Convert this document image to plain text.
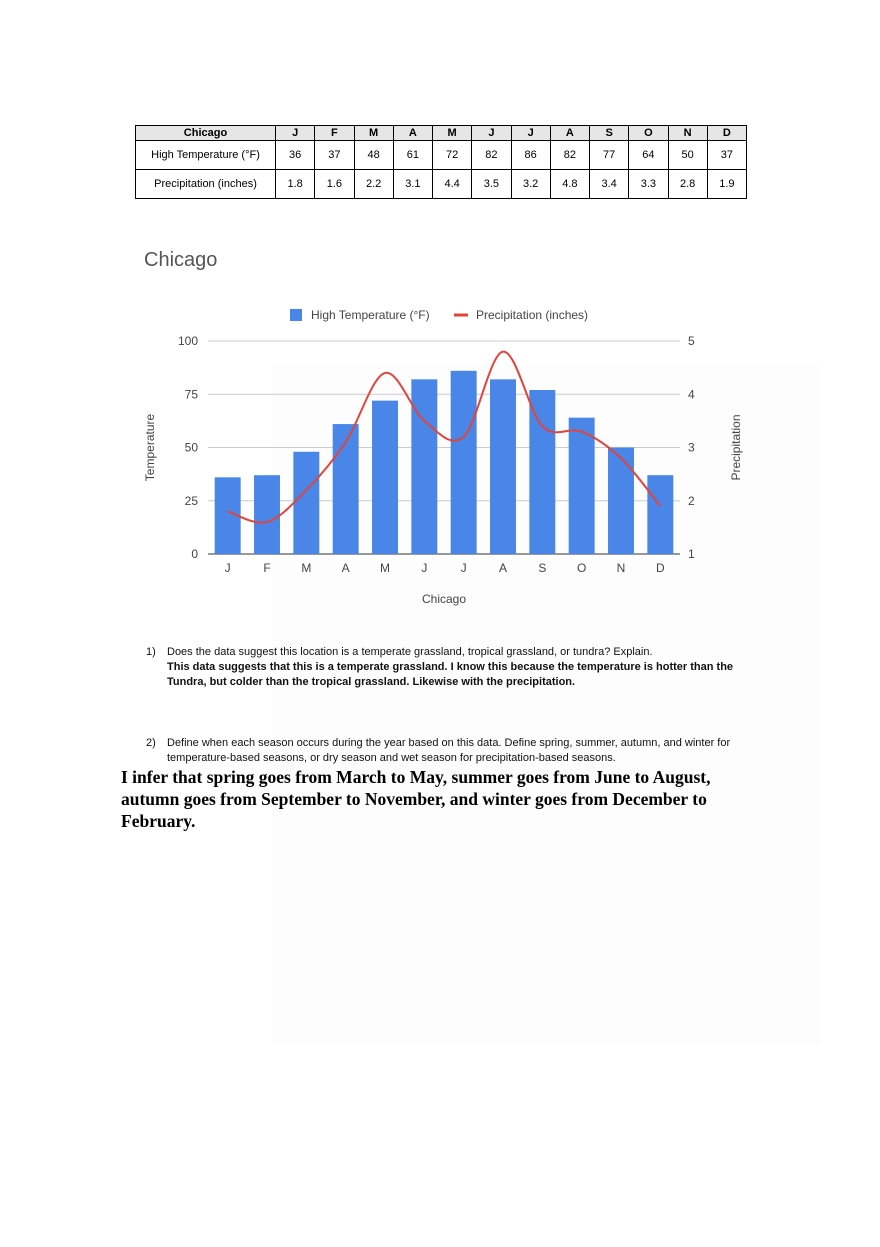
Chicago	J	F	M	A	M	J	J	A	S	O	N	D
High Temperature (°F)	36	37	48	61	72	82	86	82	77	64	50	37
Precipitation (inches)	1.8	1.6	2.2	3.1	4.4	3.5	3.2	4.8	3.4	3.3	2.8	1.9
Chicago
0
25
50
75
100
1
2
3
4
5
J	F	M	A	M	J	J	A	S	O	N	D
High Temperature (°F)	Precipitation (inches)
Chicago
Temperature	Precipitation
1) Does the data suggest this location is a temperate grassland, tropical grassland, or tundra? Explain.
This data suggests that this is a temperate grassland. I know this because the temperature is hotter than the Tundra, but colder than the tropical grassland. Likewise with the precipitation.
2) Define when each season occurs during the year based on this data. Define spring, summer, autumn, and winter for temperature-based seasons, or dry season and wet season for precipitation-based seasons.

I infer that spring goes from March to May, summer goes from June to August, autumn goes from September to November, and winter goes from December to February.
